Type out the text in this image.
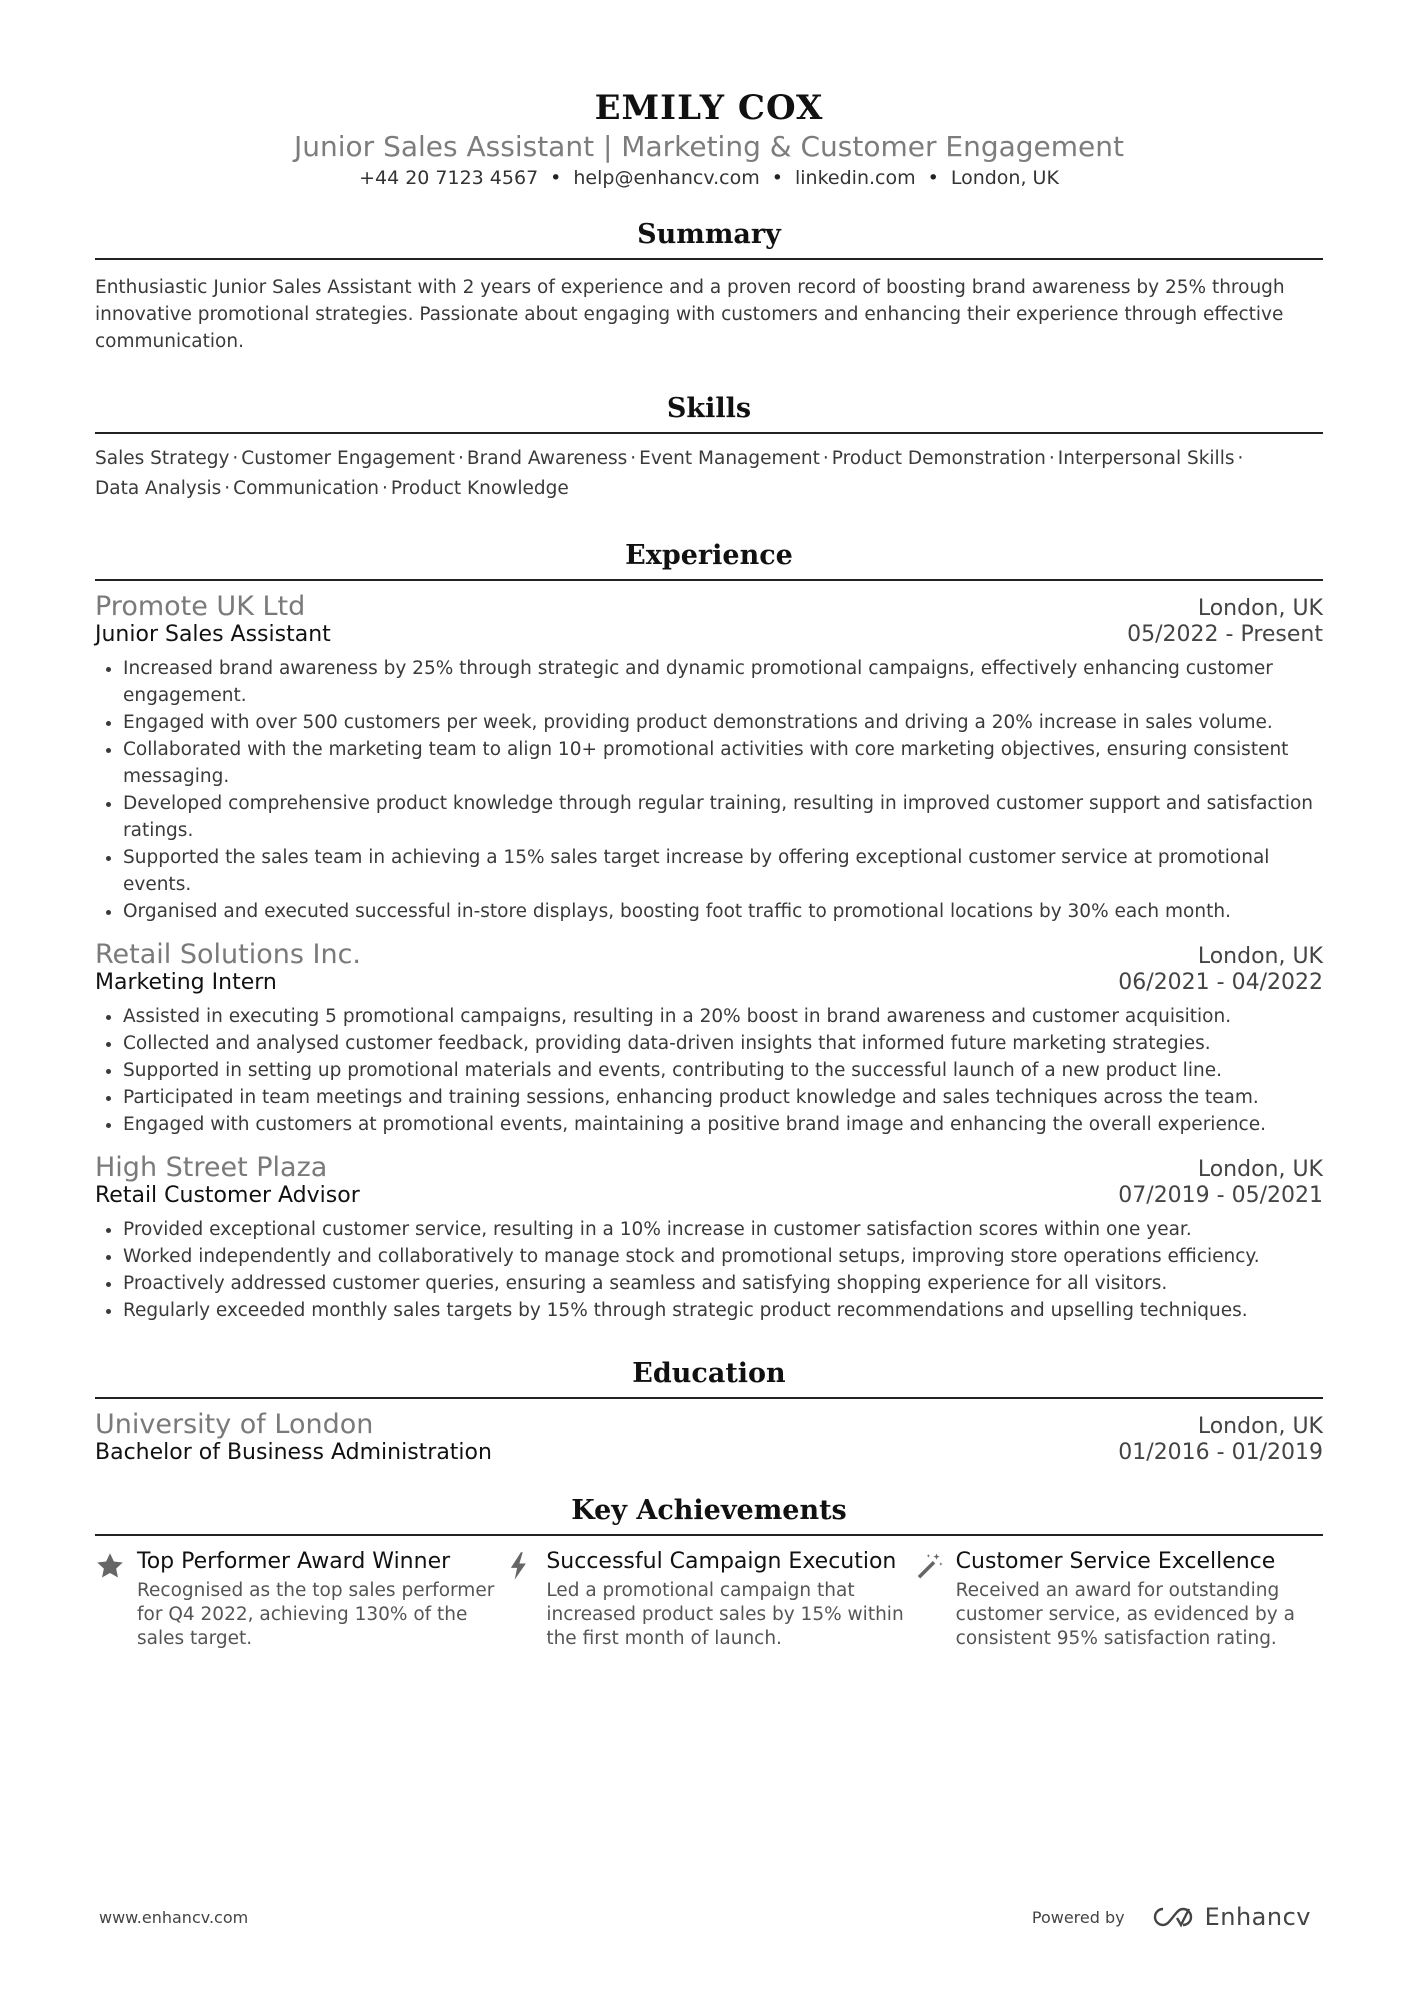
EMILY COX
Junior Sales Assistant | Marketing & Customer Engagement
+44 20 7123 4567 • help@enhancv.com • linkedin.com • London, UK
Summary
Enthusiastic Junior Sales Assistant with 2 years of experience and a proven record of boosting brand awareness by 25% through innovative promotional strategies. Passionate about engaging with customers and enhancing their experience through effective communication.
Skills
Sales Strategy · Customer Engagement · Brand Awareness · Event Management · Product Demonstration · Interpersonal Skills ·
Data Analysis · Communication · Product Knowledge
Experience
Promote UK Ltd	London, UK
Junior Sales Assistant	05/2022 - Present
• Increased brand awareness by 25% through strategic and dynamic promotional campaigns, effectively enhancing customer engagement.
• Engaged with over 500 customers per week, providing product demonstrations and driving a 20% increase in sales volume.
• Collaborated with the marketing team to align 10+ promotional activities with core marketing objectives, ensuring consistent messaging.
• Developed comprehensive product knowledge through regular training, resulting in improved customer support and satisfaction ratings.
• Supported the sales team in achieving a 15% sales target increase by offering exceptional customer service at promotional events.
• Organised and executed successful in-store displays, boosting foot traffic to promotional locations by 30% each month.
Retail Solutions Inc.	London, UK
Marketing Intern	06/2021 - 04/2022
• Assisted in executing 5 promotional campaigns, resulting in a 20% boost in brand awareness and customer acquisition.
• Collected and analysed customer feedback, providing data-driven insights that informed future marketing strategies.
• Supported in setting up promotional materials and events, contributing to the successful launch of a new product line.
• Participated in team meetings and training sessions, enhancing product knowledge and sales techniques across the team.
• Engaged with customers at promotional events, maintaining a positive brand image and enhancing the overall experience.
High Street Plaza	London, UK
Retail Customer Advisor	07/2019 - 05/2021
• Provided exceptional customer service, resulting in a 10% increase in customer satisfaction scores within one year.
• Worked independently and collaboratively to manage stock and promotional setups, improving store operations efficiency.
• Proactively addressed customer queries, ensuring a seamless and satisfying shopping experience for all visitors.
• Regularly exceeded monthly sales targets by 15% through strategic product recommendations and upselling techniques.
Education
University of London	London, UK
Bachelor of Business Administration	01/2016 - 01/2019
Key Achievements
Top Performer Award Winner
Recognised as the top sales performer for Q4 2022, achieving 130% of the sales target.
Successful Campaign Execution
Led a promotional campaign that increased product sales by 15% within the first month of launch.
Customer Service Excellence
Received an award for outstanding customer service, as evidenced by a consistent 95% satisfaction rating.
www.enhancv.com	Powered by	Enhancv
